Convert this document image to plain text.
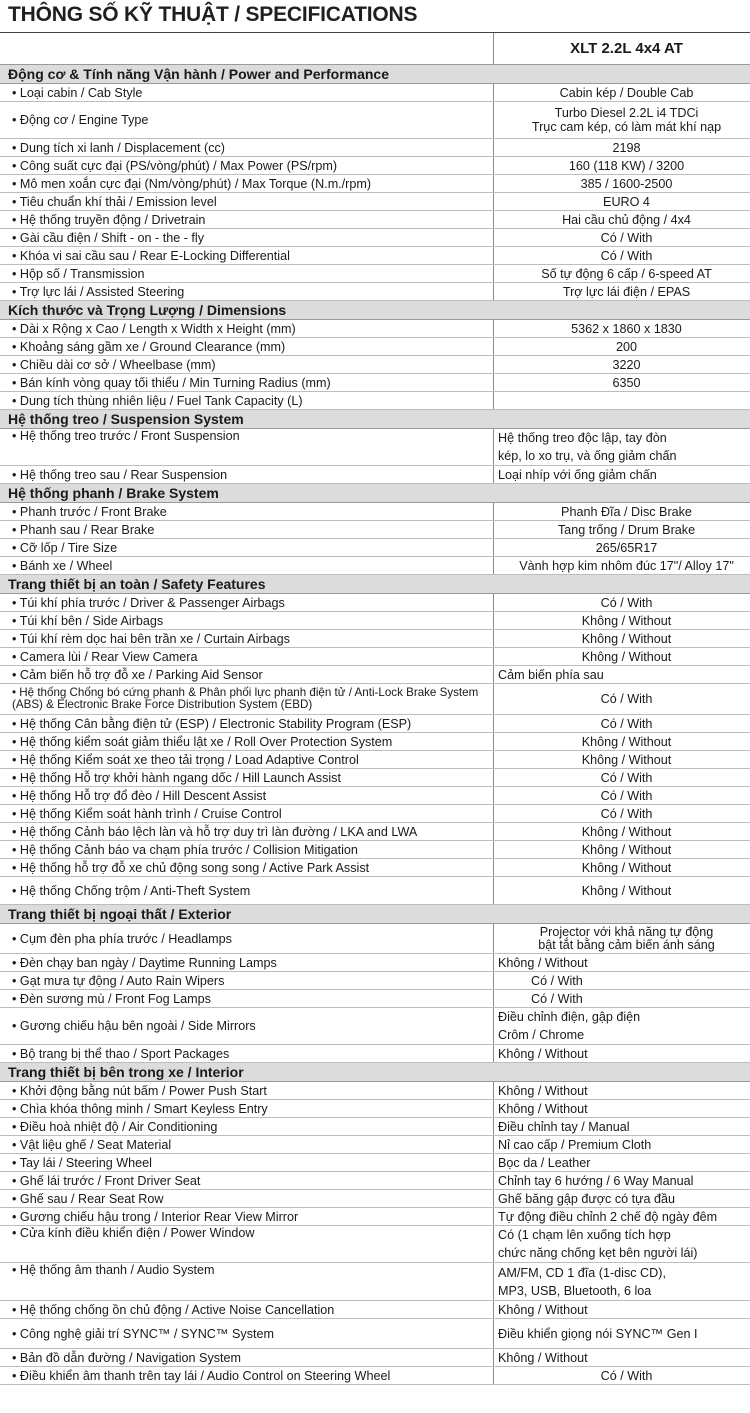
THÔNG SỐ KỸ THUẬT / SPECIFICATIONS
	XLT 2.2L 4x4 AT
Động cơ & Tính năng Vận hành / Power and Performance	
• Loại cabin / Cab Style	Cabin kép / Double Cab

• Động cơ / Engine Type	Turbo Diesel 2.2L i4 TDCi
Trục cam kép, có làm mát khí nạp

• Dung tích xi lanh / Displacement (cc)	2198

• Công suất cực đại (PS/vòng/phút) / Max Power (PS/rpm)	160 (118 KW) / 3200

• Mô men xoắn cực đại (Nm/vòng/phút) / Max Torque (N.m./rpm)	385 / 1600-2500

• Tiêu chuẩn khí thải / Emission level	EURO 4

• Hệ thống truyền động / Drivetrain	Hai cầu chủ động / 4x4

• Gài cầu điện / Shift - on - the - fly	Có / With

• Khóa vi sai cầu sau / Rear E-Locking Differential	Có / With

• Hộp số / Transmission	Số tự động 6 cấp / 6-speed AT

• Trợ lực lái / Assisted Steering	Trợ lực lái điện / EPAS

Kích thước và Trọng Lượng / Dimensions	
• Dài x Rộng x Cao / Length x Width x Height (mm)	5362 x 1860 x 1830

• Khoảng sáng gầm xe / Ground Clearance (mm)	200

• Chiều dài cơ sở / Wheelbase (mm)	3220

• Bán kính vòng quay tối thiểu / Min Turning Radius (mm)	6350

• Dung tích thùng nhiên liệu / Fuel Tank Capacity (L)	

Hệ thống treo / Suspension System	
• Hệ thống treo trước / Front Suspension	Hệ thống treo độc lập, tay đòn
kép, lo xo trụ, và ống giảm chấn

• Hệ thống treo sau / Rear Suspension	Loại nhíp với ống giảm chấn

Hệ thống phanh / Brake System	
• Phanh trước / Front Brake	Phanh Đĩa / Disc Brake

• Phanh sau / Rear Brake	Tang trống / Drum Brake

• Cỡ lốp / Tire Size	265/65R17

• Bánh xe / Wheel	Vành hợp kim nhôm đúc 17"/ Alloy 17"

Trang thiết bị an toàn / Safety Features	
• Túi khí phía trước / Driver & Passenger Airbags	Có / With

• Túi khí bên / Side Airbags	Không / Without

• Túi khí rèm dọc hai bên trần xe / Curtain Airbags	Không / Without

• Camera lùi / Rear View Camera	Không / Without

• Cảm biến hỗ trợ đỗ xe / Parking Aid Sensor	Cảm biến phía sau

• Hệ thống Chống bó cứng phanh & Phân phối lực phanh điện tử / Anti-Lock Brake System (ABS) & Electronic Brake Force Distribution System (EBD)	Có / With

• Hệ thống Cân bằng điện tử (ESP) / Electronic Stability Program (ESP)	Có / With

• Hệ thống kiểm soát giảm thiểu lật xe / Roll Over Protection System	Không / Without

• Hệ thống Kiểm soát xe theo tải trọng / Load Adaptive Control	Không / Without

• Hệ thống Hỗ trợ khởi hành ngang dốc / Hill Launch Assist	Có / With

• Hệ thống Hỗ trợ đổ đèo / Hill Descent Assist	Có / With

• Hệ thống Kiểm soát hành trình / Cruise Control	Có / With

• Hệ thống Cảnh báo lệch làn và hỗ trợ duy trì làn đường / LKA and LWA	Không / Without

• Hệ thống Cảnh báo va chạm phía trước / Collision Mitigation	Không / Without

• Hệ thống hỗ trợ đỗ xe chủ động song song / Active Park Assist	Không / Without

• Hệ thống Chống trộm / Anti-Theft System	Không / Without

Trang thiết bị ngoại thất / Exterior	
• Cụm đèn pha phía trước / Headlamps	Projector với khả năng tự động
bật tắt bằng cảm biến ánh sáng

• Đèn chạy ban ngày / Daytime Running Lamps	Không / Without

• Gạt mưa tự động / Auto Rain Wipers	Có / With

• Đèn sương mù / Front Fog Lamps	Có / With

• Gương chiếu hậu bên ngoài / Side Mirrors	Điều chỉnh điện, gập điện
Crôm / Chrome

• Bộ trang bị thể thao / Sport Packages	Không / Without

Trang thiết bị bên trong xe / Interior	
• Khởi động bằng nút bấm / Power Push Start	Không / Without

• Chìa khóa thông minh / Smart Keyless Entry	Không / Without

• Điều hoà nhiệt độ / Air Conditioning	Điều chỉnh tay / Manual

• Vật liệu ghế / Seat Material	Nỉ cao cấp / Premium Cloth

• Tay lái / Steering Wheel	Bọc da / Leather

• Ghế lái trước / Front Driver Seat	Chỉnh tay 6 hướng / 6 Way Manual

• Ghế sau / Rear Seat Row	Ghế băng gập được có tựa đầu

• Gương chiếu hậu trong / Interior Rear View Mirror	Tự động điều chỉnh 2 chế độ ngày đêm

• Cửa kính điều khiển điện / Power Window	Có (1 chạm lên xuống tích hợp
chức năng chống kẹt bên người lái)

• Hệ thống âm thanh / Audio System	AM/FM, CD 1 đĩa (1-disc CD),
MP3, USB, Bluetooth, 6 loa

• Hệ thống chống ồn chủ động / Active Noise Cancellation	Không / Without

• Công nghệ giải trí SYNC™ / SYNC™ System	Điều khiển giọng nói SYNC™ Gen I

• Bản đồ dẫn đường / Navigation System	Không / Without

• Điều khiển âm thanh trên tay lái / Audio Control on Steering Wheel	Có / With
